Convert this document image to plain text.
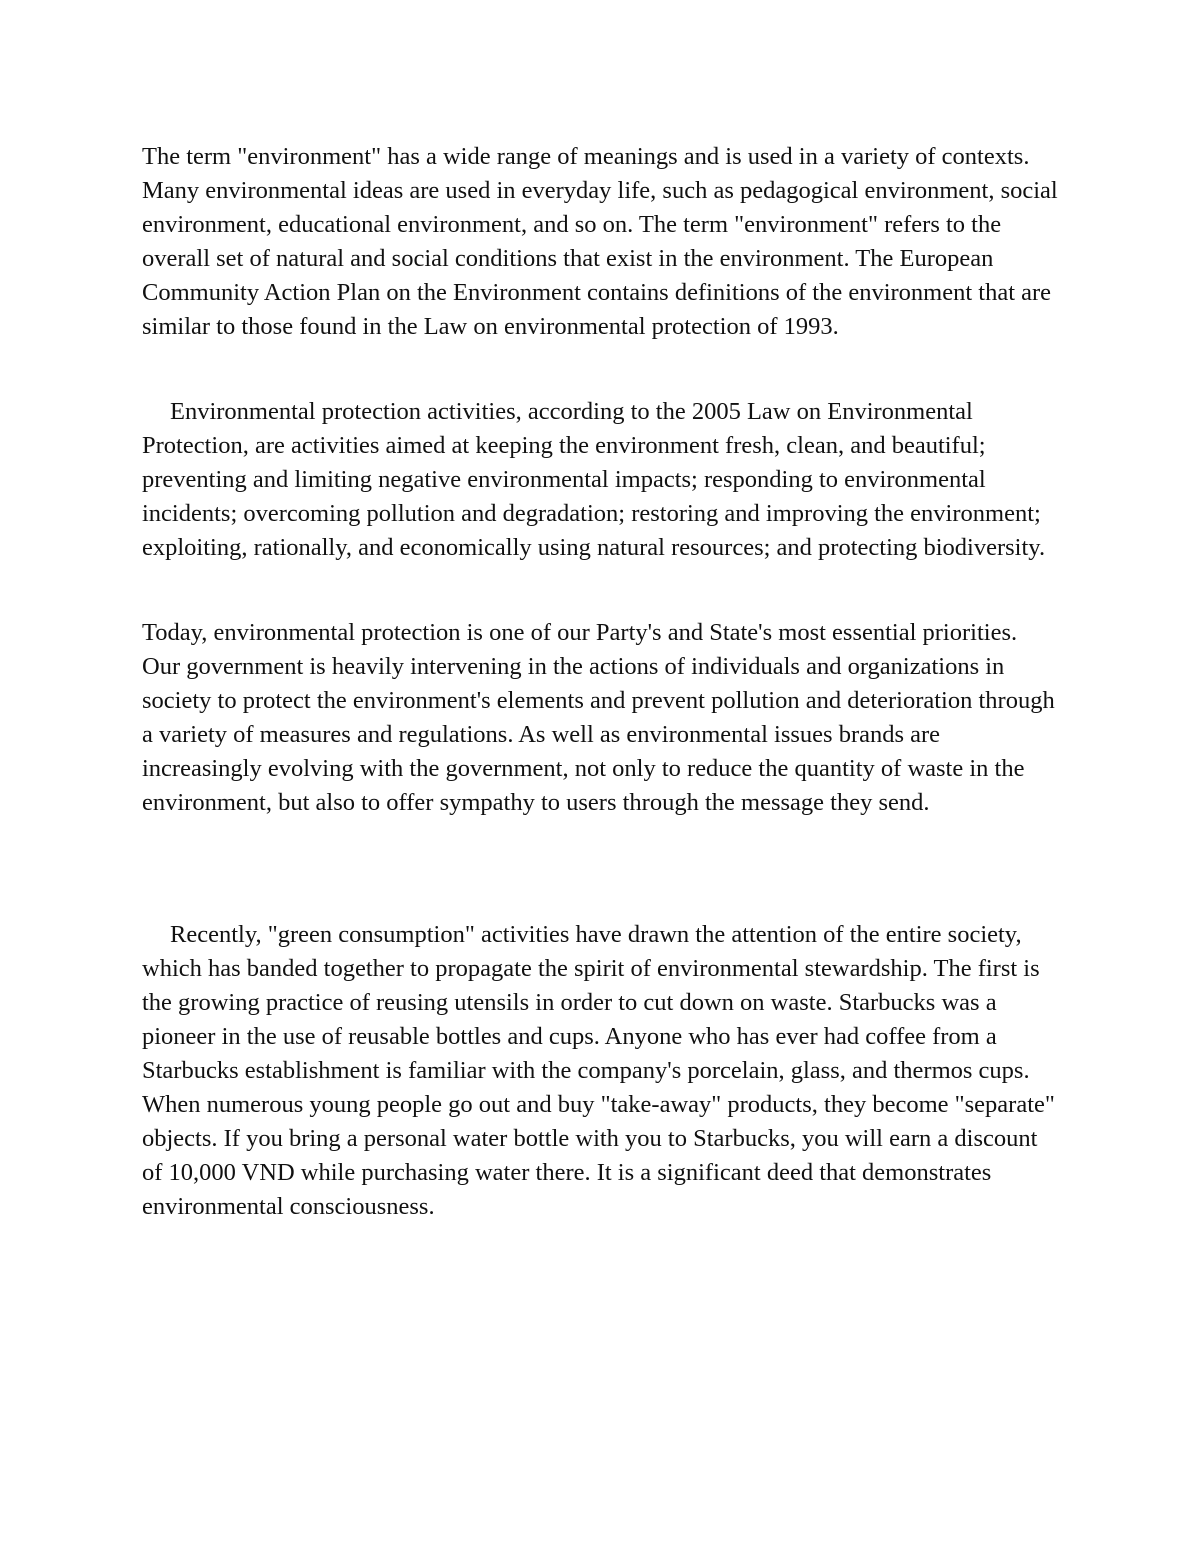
The term "environment" has a wide range of meanings and is used in a variety of contexts. Many environmental ideas are used in everyday life, such as pedagogical environment, social environment, educational environment, and so on. The term "environment" refers to the overall set of natural and social conditions that exist in the environment. The European Community Action Plan on the Environment contains definitions of the environment that are similar to those found in the Law on environmental protection of 1993.

Environmental protection activities, according to the 2005 Law on Environmental Protection, are activities aimed at keeping the environment fresh, clean, and beautiful; preventing and limiting negative environmental impacts; responding to environmental incidents; overcoming pollution and degradation; restoring and improving the environment; exploiting, rationally, and economically using natural resources; and protecting biodiversity.

Today, environmental protection is one of our Party's and State's most essential priorities. Our government is heavily intervening in the actions of individuals and organizations in society to protect the environment's elements and prevent pollution and deterioration through a variety of measures and regulations. As well as environmental issues brands are increasingly evolving with the government, not only to reduce the quantity of waste in the environment, but also to offer sympathy to users through the message they send.

Recently, "green consumption" activities have drawn the attention of the entire society, which has banded together to propagate the spirit of environmental stewardship. The first is the growing practice of reusing utensils in order to cut down on waste. Starbucks was a pioneer in the use of reusable bottles and cups. Anyone who has ever had coffee from a Starbucks establishment is familiar with the company's porcelain, glass, and thermos cups. When numerous young people go out and buy "take-away" products, they become "separate" objects. If you bring a personal water bottle with you to Starbucks, you will earn a discount of 10,000 VND while purchasing water there. It is a significant deed that demonstrates environmental consciousness.
